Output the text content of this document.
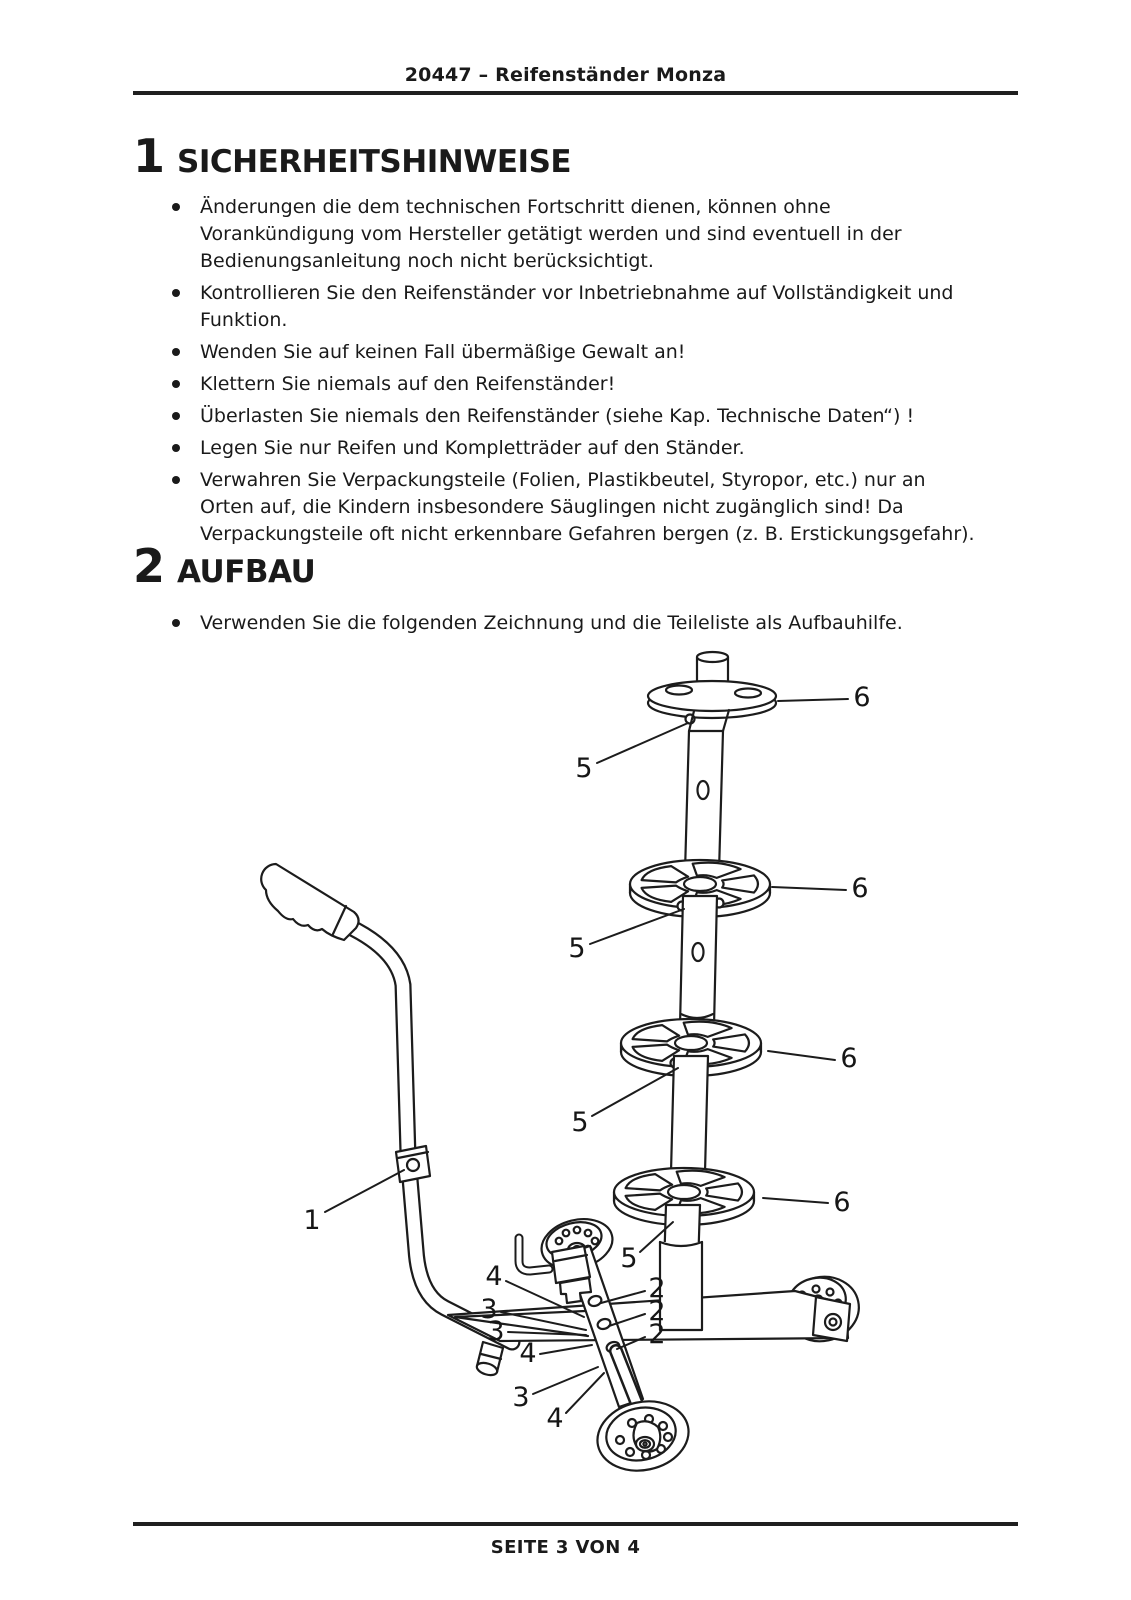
20447 – Reifenständer Monza
1 SICHERHEITSHINWEISE
Änderungen die dem technischen Fortschritt dienen, können ohne
Vorankündigung vom Hersteller getätigt werden und sind eventuell in der
Bedienungsanleitung noch nicht berücksichtigt.
Kontrollieren Sie den Reifenständer vor Inbetriebnahme auf Vollständigkeit und
Funktion.
Wenden Sie auf keinen Fall übermäßige Gewalt an!
Klettern Sie niemals auf den Reifenständer!
Überlasten Sie niemals den Reifenständer (siehe Kap. Technische Daten“) !
Legen Sie nur Reifen und Kompletträder auf den Ständer.
Verwahren Sie Verpackungsteile (Folien, Plastikbeutel, Styropor, etc.) nur an
Orten auf, die Kindern insbesondere Säuglingen nicht zugänglich sind! Da
Verpackungsteile oft nicht erkennbare Gefahren bergen (z. B. Erstickungsgefahr).
2 AUFBAU
Verwenden Sie die folgenden Zeichnung und die Teileliste als Aufbauhilfe.
6
5
6
5
6
5
6
5
1
2
2
2
4
3
3
4
3
4
SEITE 3 VON 4
